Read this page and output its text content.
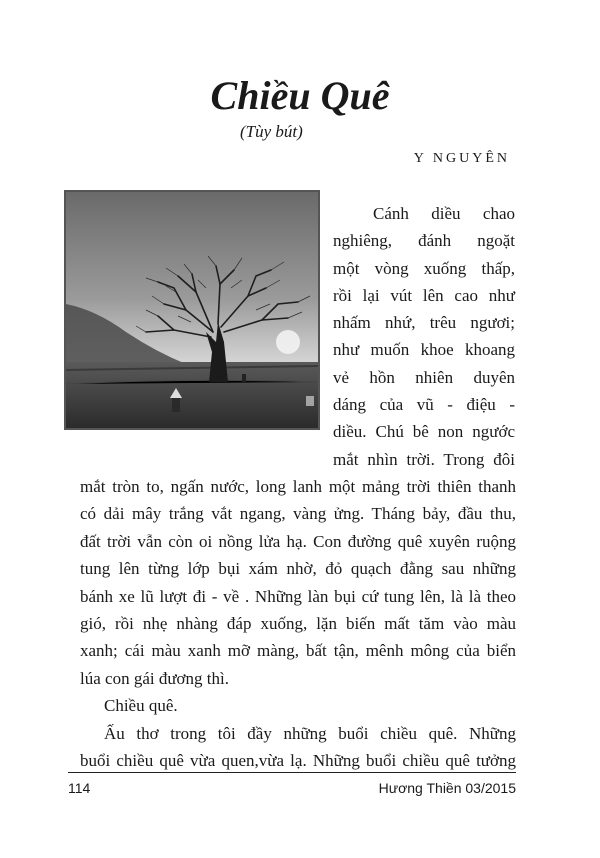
Chiều Quê
(Tùy bút)
Y NGUYÊN
Cánh diều chao
nghiêng, đánh ngoặt
một vòng xuống thấp,
rồi lại vút lên cao như
nhấm nhứ, trêu ngươi;
như muốn khoe khoang
vẻ hồn nhiên duyên
dáng của vũ - điệu -
diều. Chú bê non ngước
mắt nhìn trời. Trong đôi
mắt tròn to, ngấn nước, long lanh một mảng trời thiên thanh
có dải mây trắng vắt ngang, vàng ửng. Tháng bảy, đầu thu,
đất trời vẫn còn oi nồng lửa hạ. Con đường quê xuyên ruộng
tung lên từng lớp bụi xám nhờ, đỏ quạch đằng sau những
bánh xe lũ lượt đi - về . Những làn bụi cứ tung lên, là là theo
gió, rồi nhẹ nhàng đáp xuống, lặn biến mất tăm vào màu
xanh; cái màu xanh mỡ màng, bất tận, mênh mông của biển
lúa con gái đương thì.
Chiều quê.
Ấu thơ trong tôi đầy những buổi chiều quê. Những
buổi chiều quê vừa quen,vừa lạ. Những buổi chiều quê tưởng
114	Hương Thiền 03/2015
